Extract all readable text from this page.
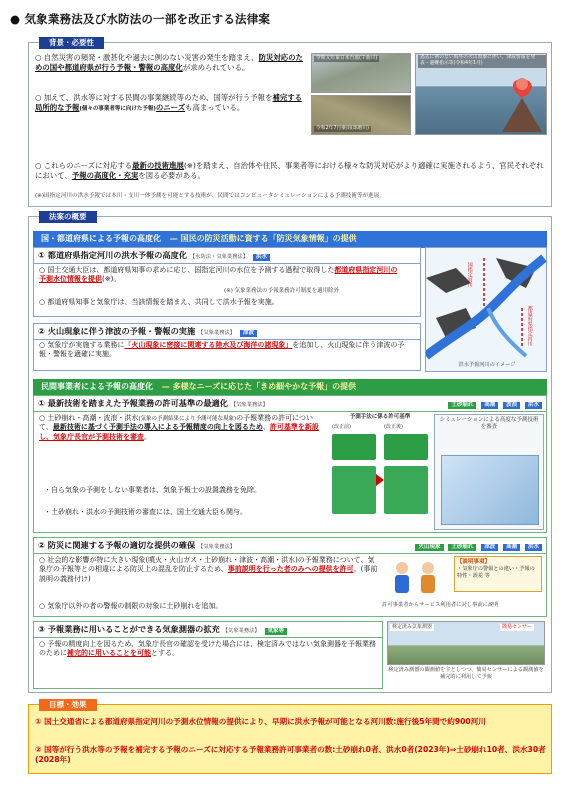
● 気象業務法及び水防法の一部を改正する法律案
背景・必要性
○ 自然災害の頻発・激甚化や過去に例のない災害の発生を踏まえ、防災対応のための国や都道府県が行う予報・警報の高度化が求められている。
○ 加えて、洪水等に対する民間の事業継続等のため、国等が行う予報を補完する局所的な予報(個々の事業者等に向けた予報)のニーズも高まっている。
令和元年東日本台風(千曲川)
令和2年7月豪雨(球磨川)
過去に例のない海外の火山現象に伴い、津波警報を発表・避難指示等(令和4年1月)
○ これらのニーズに対応する最新の技術進展(※)を踏まえ、自治体や住民、事業者等における様々な防災対応がより適確に実施されるよう、官民それぞれにおいて、予報の高度化・充実を図る必要がある。
(※)国指定河川の洪水予報では本川・支川一体予測を可能とする技術が、民間ではコンピュータシミュレーションによる予測技術等が進展。
法案の概要
国・都道府県による予報の高度化 — 国民の防災活動に資する「防災気象情報」の提供
① 都道府県指定河川の洪水予報の高度化 【水防法・気象業務法】 洪水
○ 国土交通大臣は、都道府県知事の求めに応じ、国指定河川の水位を予測する過程で取得した都道府県指定河川の予測水位情報を提供(※)。
(※) 気象業務法の予報業務許可制度を適用除外
○ 都道府県知事と気象庁は、当該情報を踏まえ、共同して洪水予報を実施。
国指定河川
都道府県指定河川
洪水予報河川のイメージ
② 火山現象に伴う津波の予報・警報の実施 【気象業務法】 津波
○ 気象庁が実施する業務に「火山現象に密接に関連する陸水及び海洋の諸現象」を追加し、火山現象に伴う津波の予報・警報を適確に実施。
民間事業者による予報の高度化 — 多様なニーズに応じた「きめ細やかな予報」の提供
① 最新技術を踏まえた予報業務の許可基準の最適化 【気象業務法】	土砂崩れ 高潮 波浪 洪水
○ 土砂崩れ・高潮・波浪・洪水(気象の予測結果により予測可能な現象)の予報業務の許可について、最新技術に基づく予測手法の導入による予報精度の向上を図るため、許可基準を新設し、気象庁長官が予測技術を審査。
・自ら気象の予測をしない事業者は、気象予報士の設置義務を免除。
・土砂崩れ・洪水の予測技術の審査には、国土交通大臣も関与。
予測手法に係る許可基準
(改正前)	(改正後)
シミュレーションによる高度な予測技術を審査
② 防災に関連する予報の適切な提供の確保 【気象業務法】	火山現象 土砂崩れ 津波 高潮 洪水
○ 社会的な影響が特に大きい現象(噴火・火山ガス・土砂崩れ・津波・高潮・洪水)の予報業務について、気象庁の予報等との相違による防災上の混乱を防止するため、事前説明を行った者のみへの提供を許可。(事前説明の義務付け)
○ 気象庁以外の者の警報の制限の対象に土砂崩れを追加。
【説明事項】
・気象庁の警報との違い・予報の特性・誤差 等
許可事業者からサービス利用者に対し事前に説明
③ 予報業務に用いることができる気象測器の拡充 【気象業務法】 気象等
○ 予報の精度向上を図るため、気象庁長官の確認を受けた場合には、検定済みではない気象測器を予報業務のために補完的に用いることを可能とする。
検定済み気象測器	簡易センサー
検定済み測器の観測値を主としつつ、簡易センサーによる観測値を補完的に利用して予報
目標・効果
① 国土交通省による都道府県指定河川の予測水位情報の提供により、早期に洪水予報が可能となる河川数:施行後5年間で約900河川
② 国等が行う洪水等の予報を補完する予報のニーズに対応する予報業務許可事業者の数:土砂崩れ0者、洪水0者(2023年)⇒土砂崩れ10者、洪水30者(2028年)
